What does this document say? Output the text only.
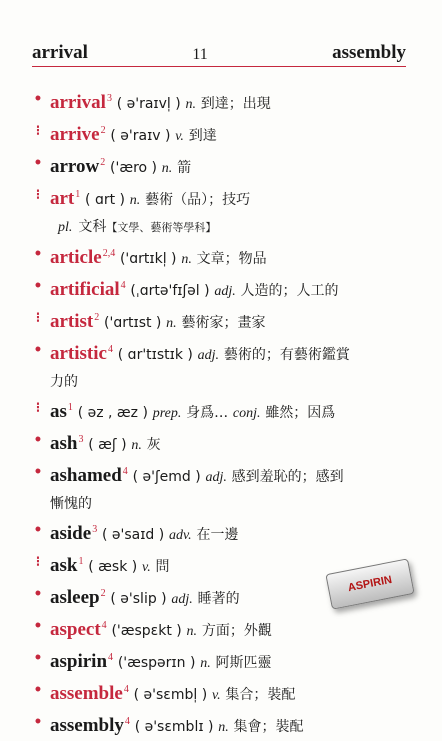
arrival	11	assembly
• arrival$^3$ ( ə'raɪvl̩ ) n. 到達；出現
⁝ arrive$^2$ ( ə'raɪv ) v. 到達
• arrow$^2$ ('æro ) n. 箭
⁝ art$^1$ ( ɑrt ) n. 藝術（品）；技巧
pl. 文科【文學、藝術等學科】
• article$^{2,4}$ ('ɑrtɪkl̩ ) n. 文章；物品
• artificial$^4$ (ˌɑrtə'fɪʃəl ) adj. 人造的；人工的
⁝ artist$^2$ ('ɑrtɪst ) n. 藝術家；畫家
• artistic$^4$ ( ɑr'tɪstɪk ) adj. 藝術的；有藝術鑑賞
力的
⁝ $as^1$ ( əz , æz ) prep. 身爲… conj. 雖然；因爲
• ash$^3$ ( æʃ ) n. 灰
• ashamed$^4$ ( ə'ʃemd ) adj. 感到羞恥的；感到
慚愧的
• aside$^3$ ( ə'saɪd ) adv. 在一邊
⁝ ask$^1$ ( æsk ) v. 問
• asleep$^2$ ( ə'slip ) adj. 睡著的
• aspect$^4$ ('æspɛkt ) n. 方面；外觀
• aspirin$^4$ ('æspərɪn ) n. 阿斯匹靈
• assemble$^4$ ( ə'sɛmbl̩ ) v. 集合；裝配
• assembly$^4$ ( ə'sɛmblɪ ) n. 集會；裝配
ASPIRIN
